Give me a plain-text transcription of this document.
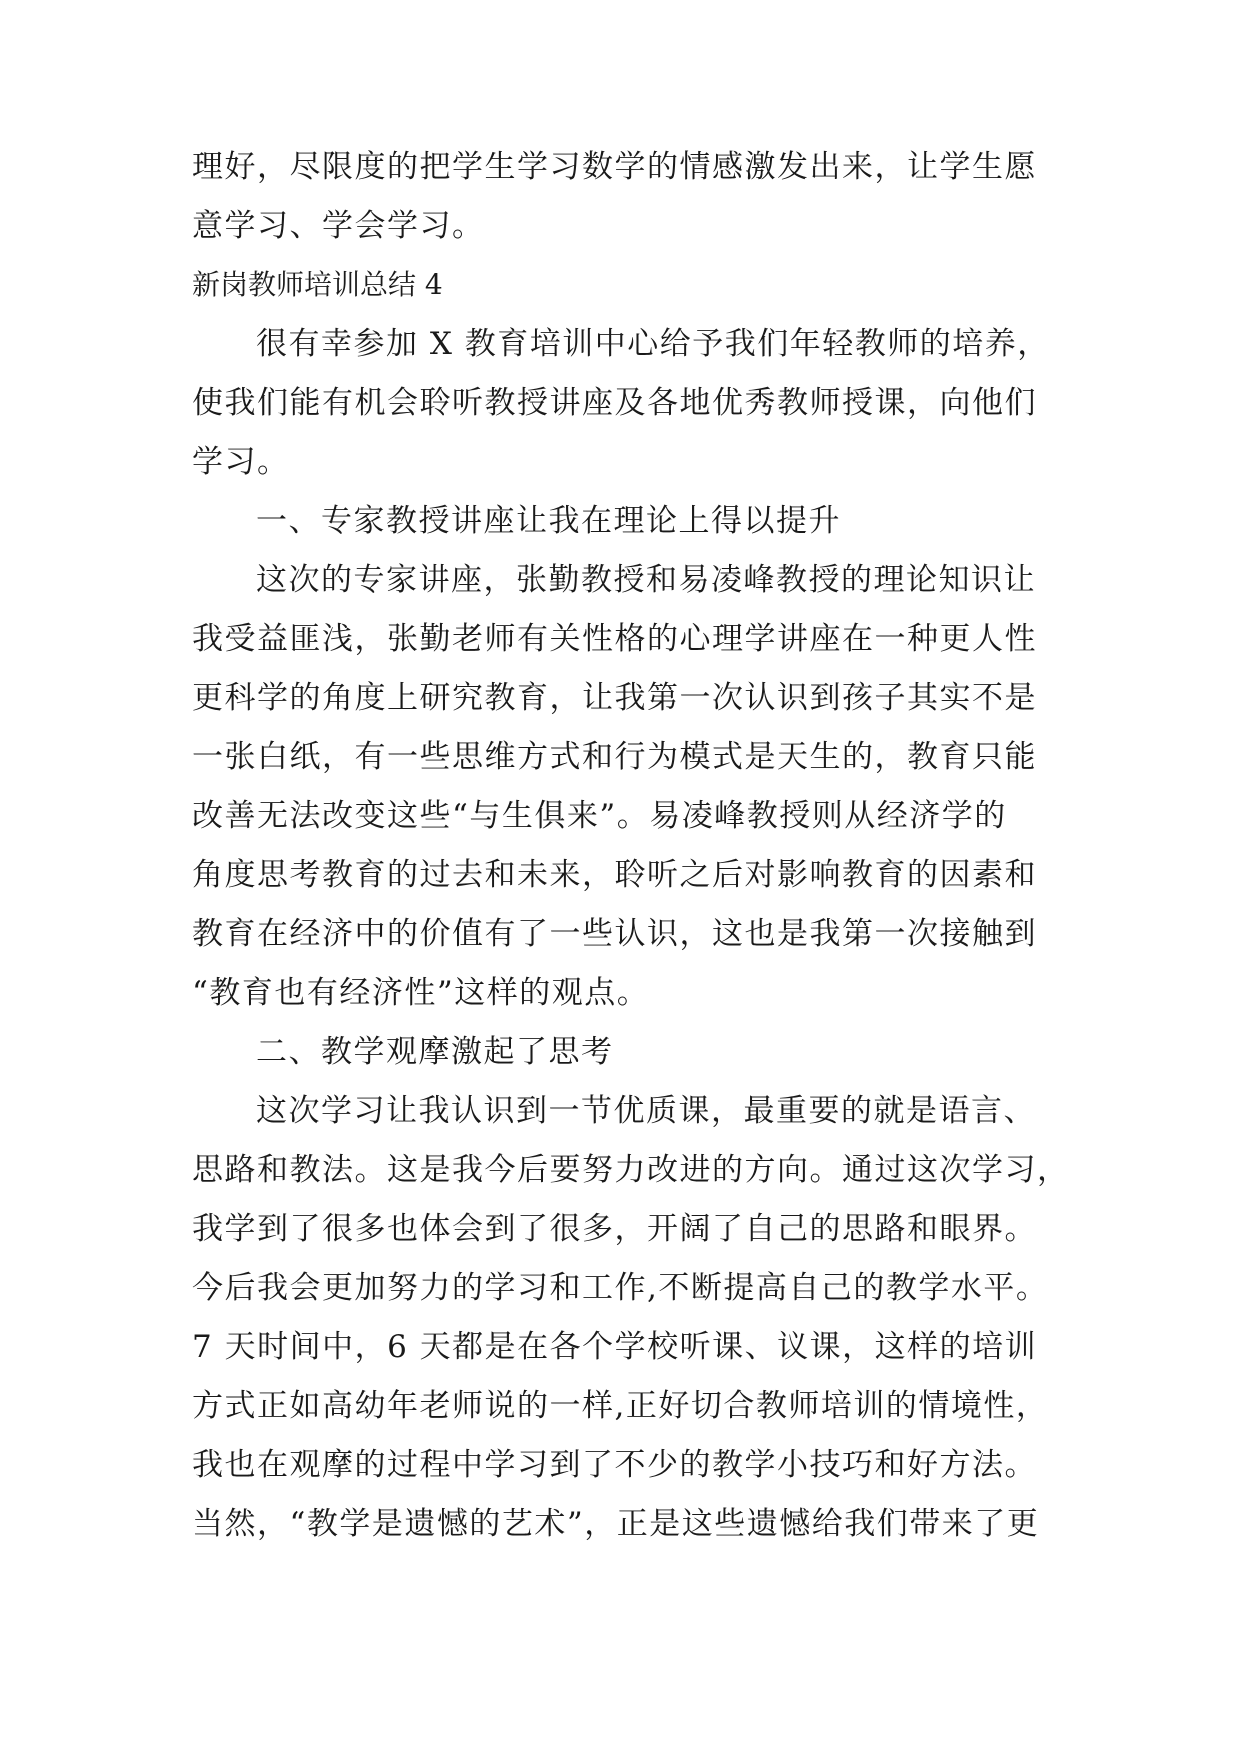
理好，尽限度的把学生学习数学的情感激发出来，让学生愿
意学习、学会学习。
新岗教师培训总结 4
很有幸参加 X 教育培训中心给予我们年轻教师的培养，
使我们能有机会聆听教授讲座及各地优秀教师授课，向他们
学习。
一、专家教授讲座让我在理论上得以提升
这次的专家讲座，张勤教授和易凌峰教授的理论知识让
我受益匪浅，张勤老师有关性格的心理学讲座在一种更人性
更科学的角度上研究教育，让我第一次认识到孩子其实不是
一张白纸，有一些思维方式和行为模式是天生的，教育只能
改善无法改变这些“与生俱来”。易凌峰教授则从经济学的
角度思考教育的过去和未来，聆听之后对影响教育的因素和
教育在经济中的价值有了一些认识，这也是我第一次接触到
“教育也有经济性”这样的观点。
二、教学观摩激起了思考
这次学习让我认识到一节优质课，最重要的就是语言、
思路和教法。这是我今后要努力改进的方向。通过这次学习，
我学到了很多也体会到了很多，开阔了自己的思路和眼界。
今后我会更加努力的学习和工作,不断提高自己的教学水平。
7 天时间中，6 天都是在各个学校听课、议课，这样的培训
方式正如高幼年老师说的一样,正好切合教师培训的情境性，
我也在观摩的过程中学习到了不少的教学小技巧和好方法。
当然，“教学是遗憾的艺术”，正是这些遗憾给我们带来了更
